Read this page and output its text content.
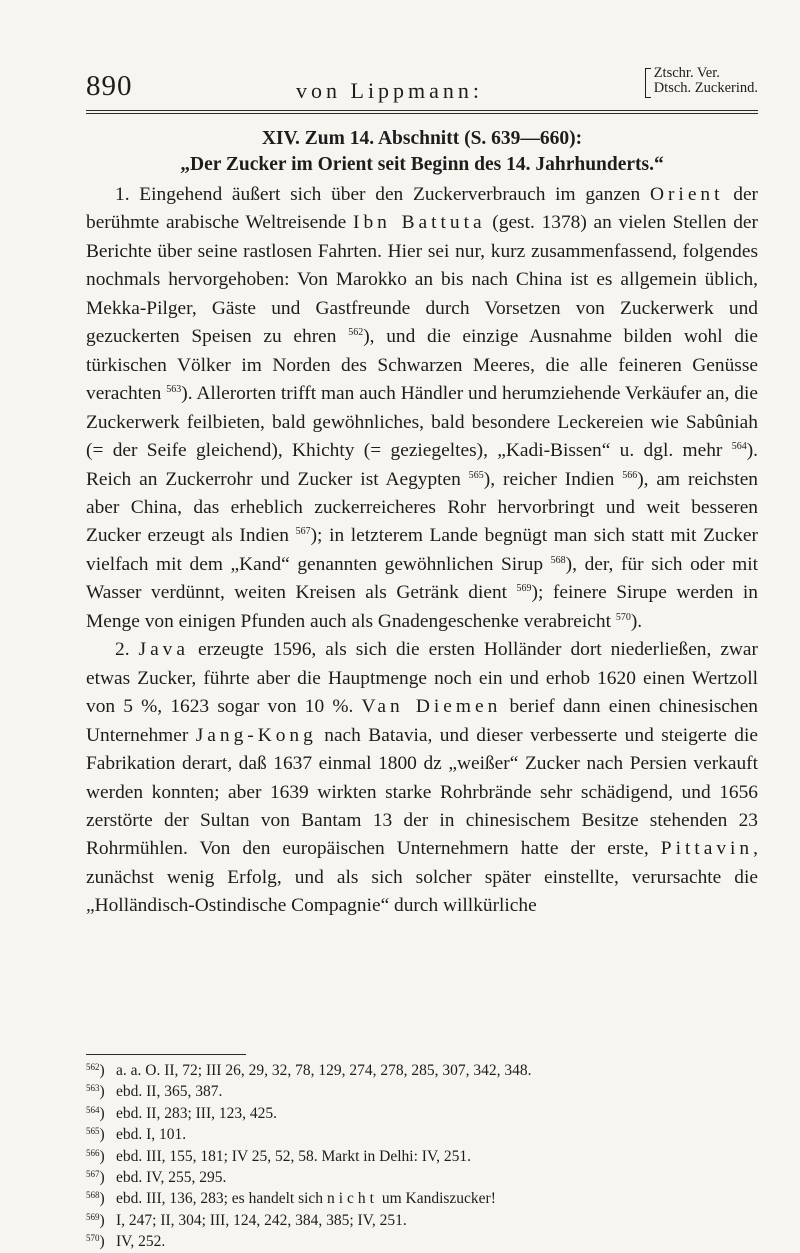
890	von Lippmann:
Ztschr. Ver.
Dtsch. Zuckerind.
XIV. Zum 14. Abschnitt (S. 639—660):
„Der Zucker im Orient seit Beginn des 14. Jahrhunderts.“

1. Eingehend äußert sich über den Zuckerverbrauch im ganzen Orient der berühmte arabische Weltreisende Ibn Battuta (gest. 1378) an vielen Stellen der Berichte über seine rastlosen Fahrten. Hier sei nur, kurz zusammenfassend, folgendes nochmals hervorgehoben: Von Marokko an bis nach China ist es allgemein üblich, Mekka-Pilger, Gäste und Gastfreunde durch Vorsetzen von Zuckerwerk und gezuckerten Speisen zu ehren $^{562}$), und die einzige Ausnahme bilden wohl die türkischen Völker im Norden des Schwarzen Meeres, die alle feineren Genüsse verachten $^{563}$). Allerorten trifft man auch Händler und herumziehende Verkäufer an, die Zuckerwerk feilbieten, bald gewöhnliches, bald besondere Leckereien wie Sabûniah (= der Seife gleichend), Khichty (= geziegeltes), „Kadi-Bissen“ u. dgl. mehr $^{564}$). Reich an Zuckerrohr und Zucker ist Aegypten $^{565}$), reicher Indien $^{566}$), am reichsten aber China, das erheblich zuckerreicheres Rohr hervorbringt und weit besseren Zucker erzeugt als Indien $^{567}$); in letzterem Lande begnügt man sich statt mit Zucker vielfach mit dem „Kand“ genannten gewöhnlichen Sirup $^{568}$), der, für sich oder mit Wasser verdünnt, weiten Kreisen als Getränk dient $^{569}$); feinere Sirupe werden in Menge von einigen Pfunden auch als Gnadengeschenke verabreicht $^{570}$).

2. Java erzeugte 1596, als sich die ersten Holländer dort niederließen, zwar etwas Zucker, führte aber die Hauptmenge noch ein und erhob 1620 einen Wertzoll von 5 %, 1623 sogar von 10 %. Van Diemen berief dann einen chinesischen Unternehmer Jang-Kong nach Batavia, und dieser verbesserte und steigerte die Fabrikation derart, daß 1637 einmal 1800 dz „weißer“ Zucker nach Persien verkauft werden konnten; aber 1639 wirkten starke Rohrbrände sehr schädigend, und 1656 zerstörte der Sultan von Bantam 13 der in chinesischem Besitze stehenden 23 Rohrmühlen. Von den europäischen Unternehmern hatte der erste, Pittavin, zunächst wenig Erfolg, und als sich solcher später einstellte, verursachte die „Holländisch-Ostindische Compagnie“ durch willkürliche

$^{562}$) a. a. O. II, 72; III 26, 29, 32, 78, 129, 274, 278, 285, 307, 342, 348.
$^{563}$) ebd. II, 365, 387.
$^{564}$) ebd. II, 283; III, 123, 425.
$^{565}$) ebd. I, 101.
$^{566}$) ebd. III, 155, 181; IV 25, 52, 58. Markt in Delhi: IV, 251.
$^{567}$) ebd. IV, 255, 295.
$^{568}$) ebd. III, 136, 283; es handelt sich nicht um Kandiszucker!
$^{569}$) I, 247; II, 304; III, 124, 242, 384, 385; IV, 251.
$^{570}$) IV, 252.
